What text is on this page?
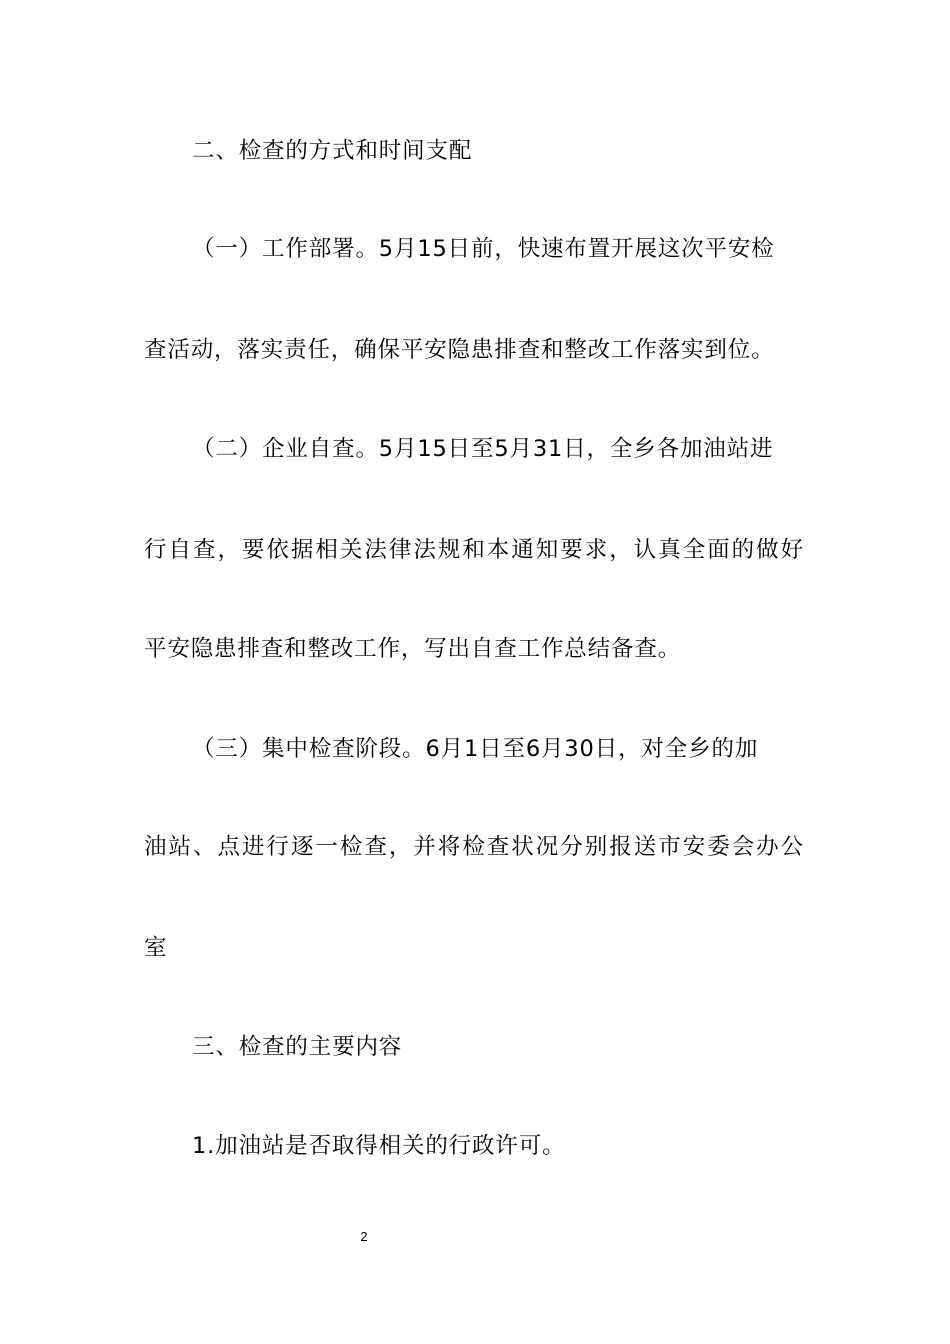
二、检查的方式和时间支配
（一）工作部署。5月15日前，快速布置开展这次平安检
查活动，落实责任，确保平安隐患排查和整改工作落实到位。
（二）企业自查。5月15日至5月31日，全乡各加油站进
行自查，要依据相关法律法规和本通知要求，认真全面的做好
平安隐患排查和整改工作，写出自查工作总结备查。
（三）集中检查阶段。6月1日至6月30日，对全乡的加
油站、点进行逐一检查，并将检查状况分别报送市安委会办公
室
三、检查的主要内容
1.加油站是否取得相关的行政许可。
2
